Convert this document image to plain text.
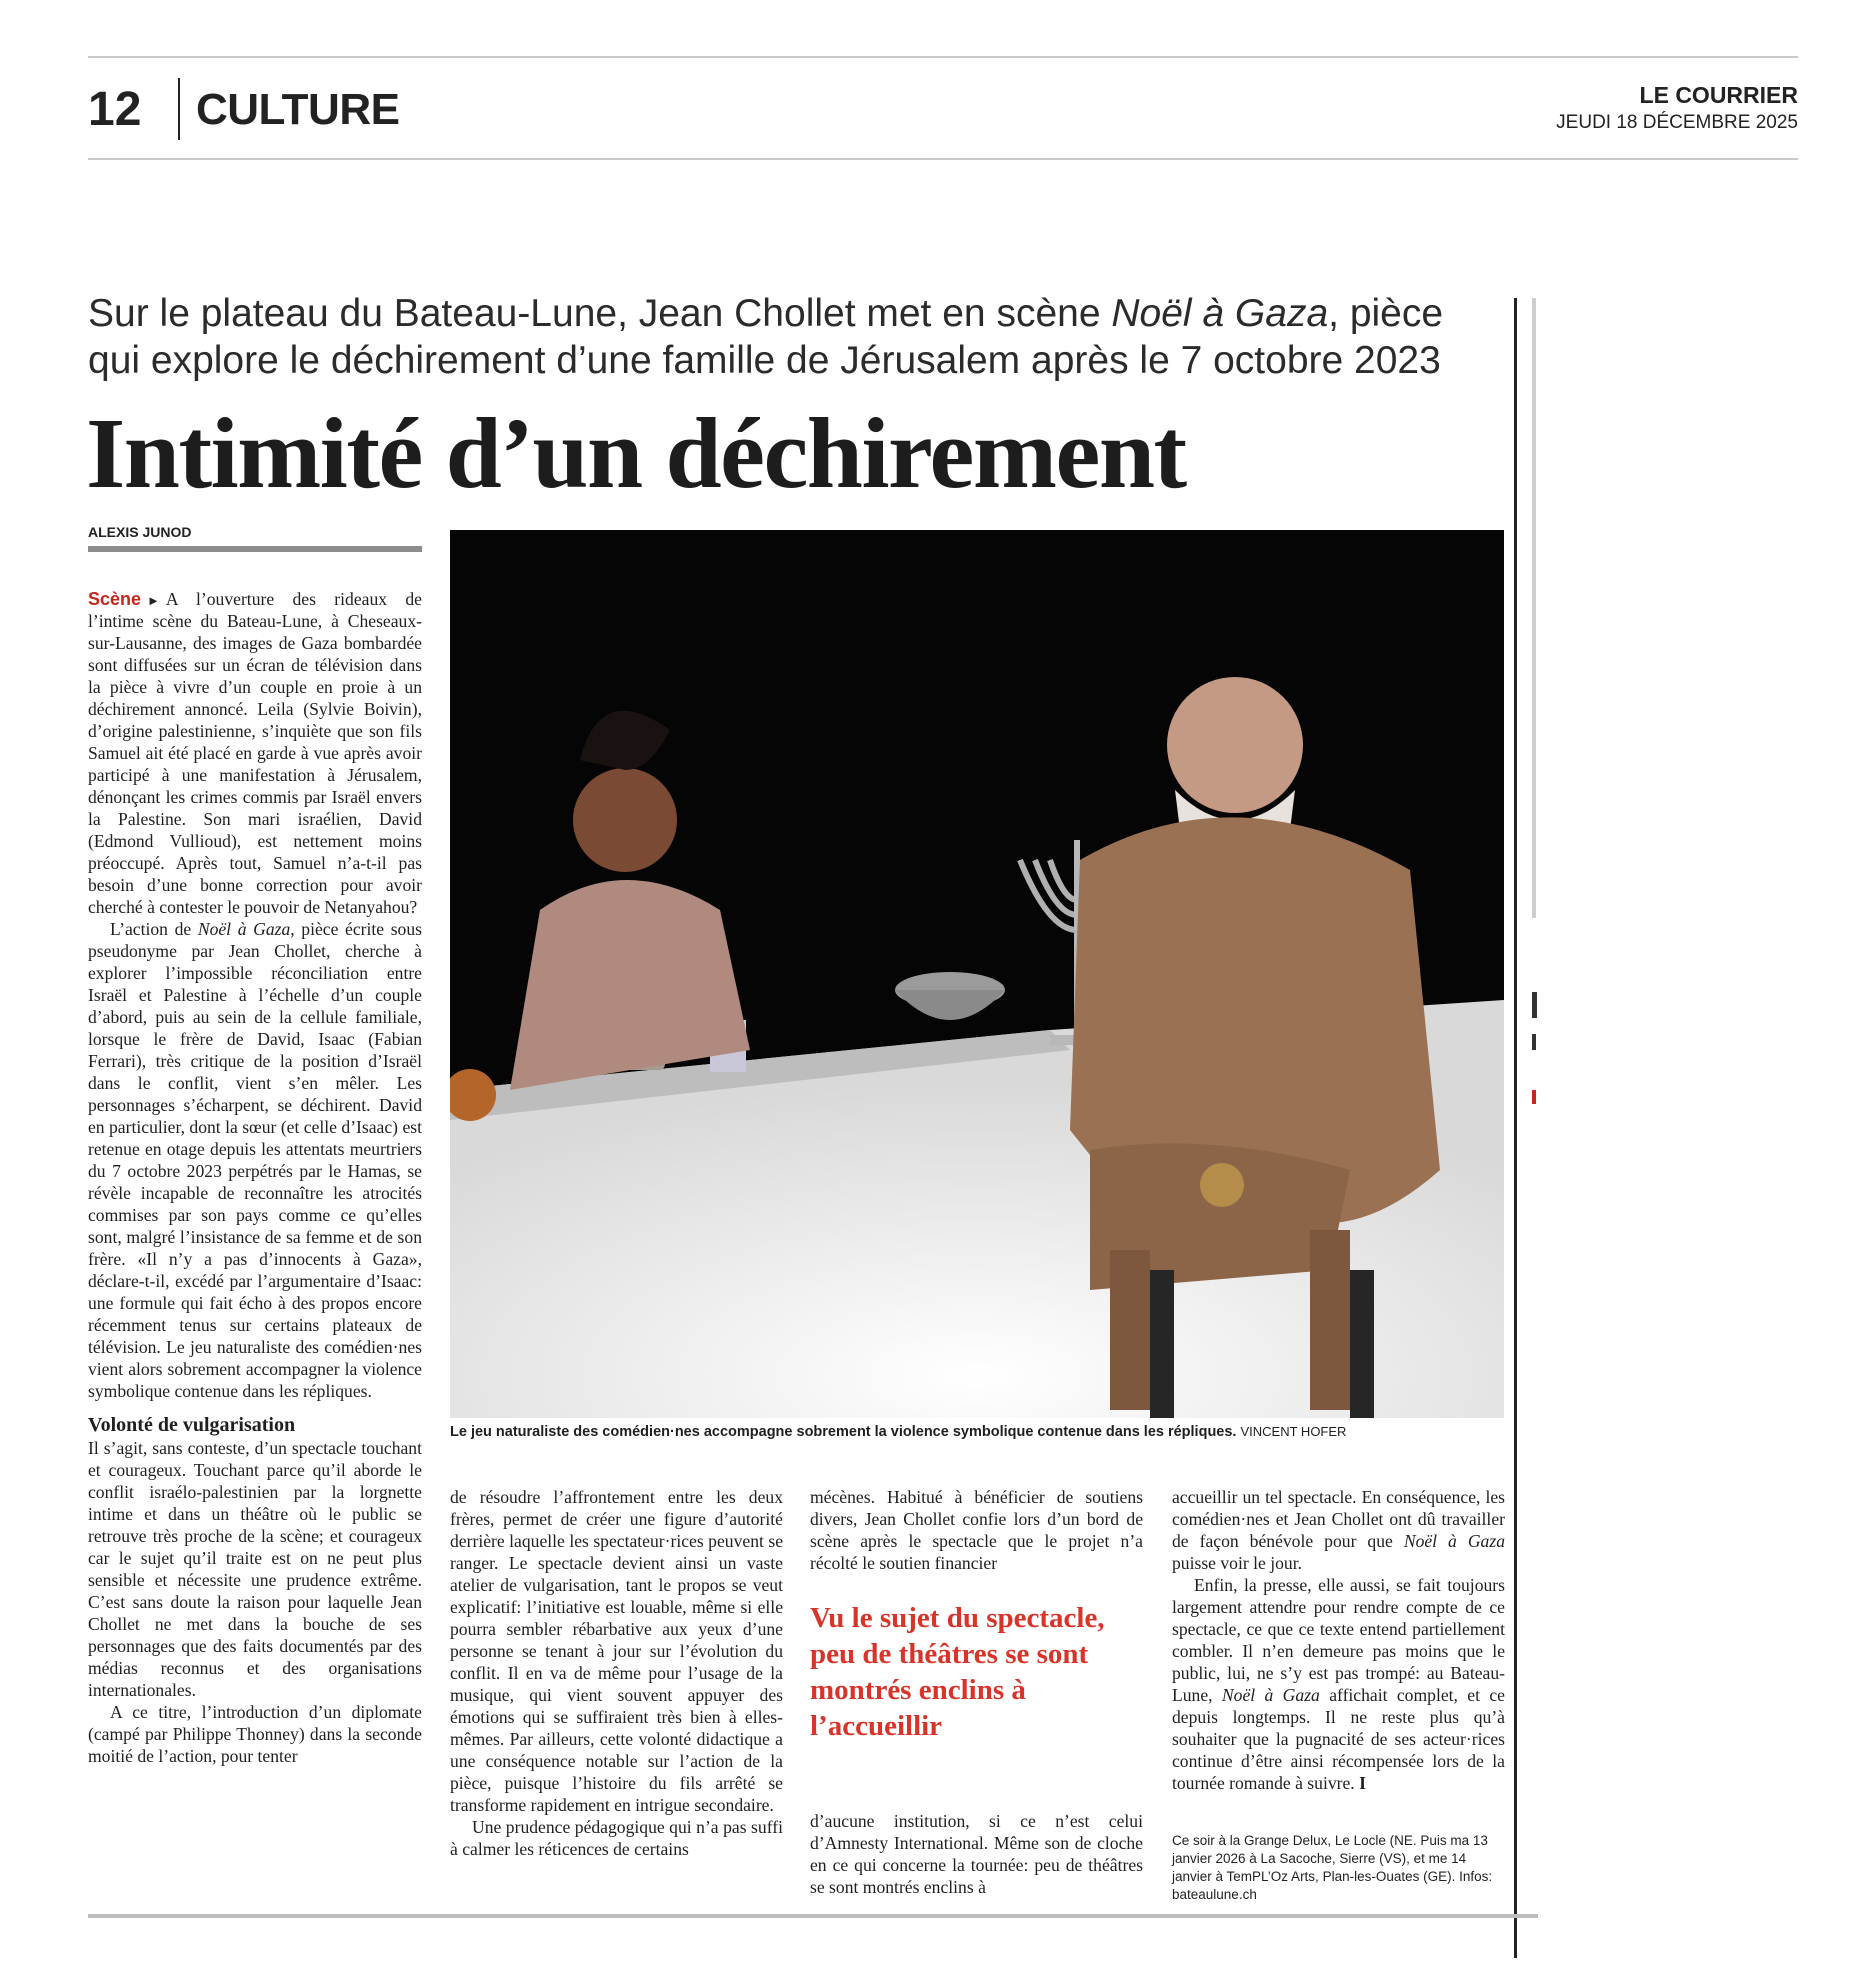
12 CULTURE	LE COURRIER
JEUDI 18 DÉCEMBRE 2025
Sur le plateau du Bateau-Lune, Jean Chollet met en scène Noël à Gaza, pièce qui explore le déchirement d’une famille de Jérusalem après le 7 octobre 2023
Intimité d’un déchirement
ALEXIS JUNOD

Scène ► A l’ouverture des rideaux de l’intime scène du Bateau-Lune, à Cheseaux-sur-Lausanne, des images de Gaza bombardée sont diffusées sur un écran de télévision dans la pièce à vivre d’un couple en proie à un déchirement annoncé. Leila (Sylvie Boivin), d’origine palestinienne, s’inquiète que son fils Samuel ait été placé en garde à vue après avoir participé à une manifestation à Jérusalem, dénonçant les crimes commis par Israël envers la Palestine. Son mari israélien, David (Edmond Vullioud), est nettement moins préoccupé. Après tout, Samuel n’a-t-il pas besoin d’une bonne correction pour avoir cherché à contester le pouvoir de Netanyahou?

L’action de Noël à Gaza, pièce écrite sous pseudonyme par Jean Chollet, cherche à explorer l’impossible réconciliation entre Israël et Palestine à l’échelle d’un couple d’abord, puis au sein de la cellule familiale, lorsque le frère de David, Isaac (Fabian Ferrari), très critique de la position d’Israël dans le conflit, vient s’en mêler. Les personnages s’écharpent, se déchirent. David en particulier, dont la sœur (et celle d’Isaac) est retenue en otage depuis les attentats meurtriers du 7 octobre 2023 perpétrés par le Hamas, se révèle incapable de reconnaître les atrocités commises par son pays comme ce qu’elles sont, malgré l’insistance de sa femme et de son frère. «Il n’y a pas d’innocents à Gaza», déclare-t-il, excédé par l’argumentaire d’Isaac: une formule qui fait écho à des propos encore récemment tenus sur certains plateaux de télévision. Le jeu naturaliste des comédien·nes vient alors sobrement accompagner la violence symbolique contenue dans les répliques.

Volonté de vulgarisation

Il s’agit, sans conteste, d’un spectacle touchant et courageux. Touchant parce qu’il aborde le conflit israélo-palestinien par la lorgnette intime et dans un théâtre où le public se retrouve très proche de la scène; et courageux car le sujet qu’il traite est on ne peut plus sensible et nécessite une prudence extrême. C’est sans doute la raison pour laquelle Jean Chollet ne met dans la bouche de ses personnages que des faits documentés par des médias reconnus et des organisations internationales.

A ce titre, l’introduction d’un diplomate (campé par Philippe Thonney) dans la seconde moitié de l’action, pour tenter

Le jeu naturaliste des comédien·nes accompagne sobrement la violence symbolique contenue dans les répliques. VINCENT HOFER

de résoudre l’affrontement entre les deux frères, permet de créer une figure d’autorité derrière laquelle les spectateur·rices peuvent se ranger. Le spectacle devient ainsi un vaste atelier de vulgarisation, tant le propos se veut explicatif: l’initiative est louable, même si elle pourra sembler rébarbative aux yeux d’une personne se tenant à jour sur l’évolution du conflit. Il en va de même pour l’usage de la musique, qui vient souvent appuyer des émotions qui se suffiraient très bien à elles-mêmes. Par ailleurs, cette volonté didactique a une conséquence notable sur l’action de la pièce, puisque l’histoire du fils arrêté se transforme rapidement en intrigue secondaire.

Une prudence pédagogique qui n’a pas suffi à calmer les réticences de certains

mécènes. Habitué à bénéficier de soutiens divers, Jean Chollet confie lors d’un bord de scène après le spectacle que le projet n’a récolté le soutien financier

Vu le sujet du spectacle, peu de théâtres se sont montrés enclins à l’accueillir

d’aucune institution, si ce n’est celui d’Amnesty International. Même son de cloche en ce qui concerne la tournée: peu de théâtres se sont montrés enclins à

accueillir un tel spectacle. En conséquence, les comédien·nes et Jean Chollet ont dû travailler de façon bénévole pour que Noël à Gaza puisse voir le jour.

Enfin, la presse, elle aussi, se fait toujours largement attendre pour rendre compte de ce spectacle, ce que ce texte entend partiellement combler. Il n’en demeure pas moins que le public, lui, ne s’y est pas trompé: au Bateau-Lune, Noël à Gaza affichait complet, et ce depuis longtemps. Il ne reste plus qu’à souhaiter que la pugnacité de ses acteur·rices continue d’être ainsi récompensée lors de la tournée romande à suivre. I

Ce soir à la Grange Delux, Le Locle (NE. Puis ma 13 janvier 2026 à La Sacoche, Sierre (VS), et me 14 janvier à TemPL’Oz Arts, Plan-les-Ouates (GE). Infos: bateaulune.ch
